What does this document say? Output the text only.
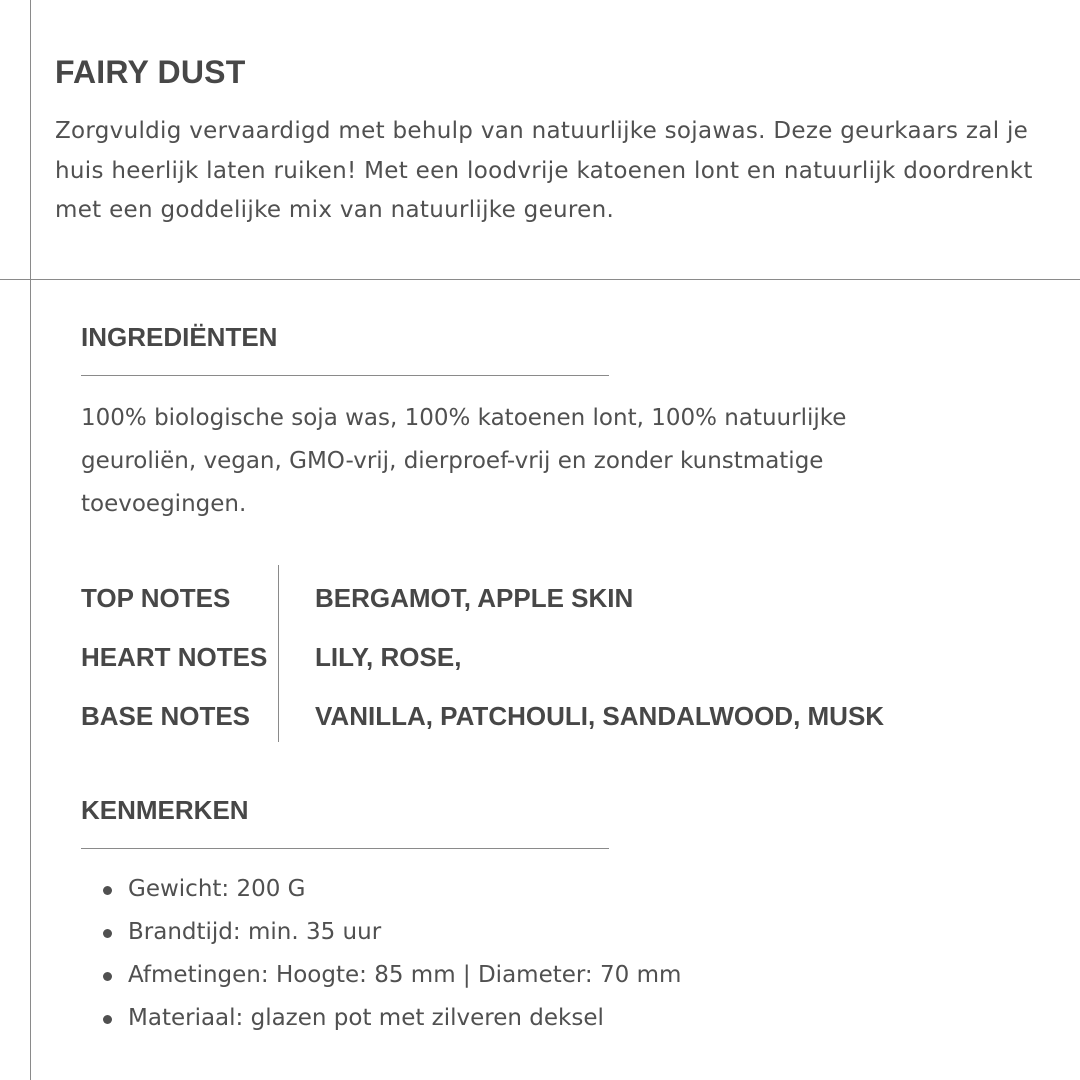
FAIRY DUST

Zorgvuldig vervaardigd met behulp van natuurlijke sojawas. Deze geurkaars zal je huis heerlijk laten ruiken! Met een loodvrije katoenen lont en natuurlijk doordrenkt met een goddelijke mix van natuurlijke geuren.

INGREDIËNTEN

100% biologische soja was, 100% katoenen lont, 100% natuurlijke geuroliën, vegan, GMO-vrij, dierproef-vrij en zonder kunstmatige toevoegingen.

TOP NOTES	BERGAMOT, APPLE SKIN
HEART NOTES LILY, ROSE,
BASE NOTES VANILLA, PATCHOULI, SANDALWOOD, MUSK
KENMERKEN
Gewicht: 200 G
Brandtijd: min. 35 uur
Afmetingen: Hoogte: 85 mm | Diameter: 70 mm
Materiaal: glazen pot met zilveren deksel
